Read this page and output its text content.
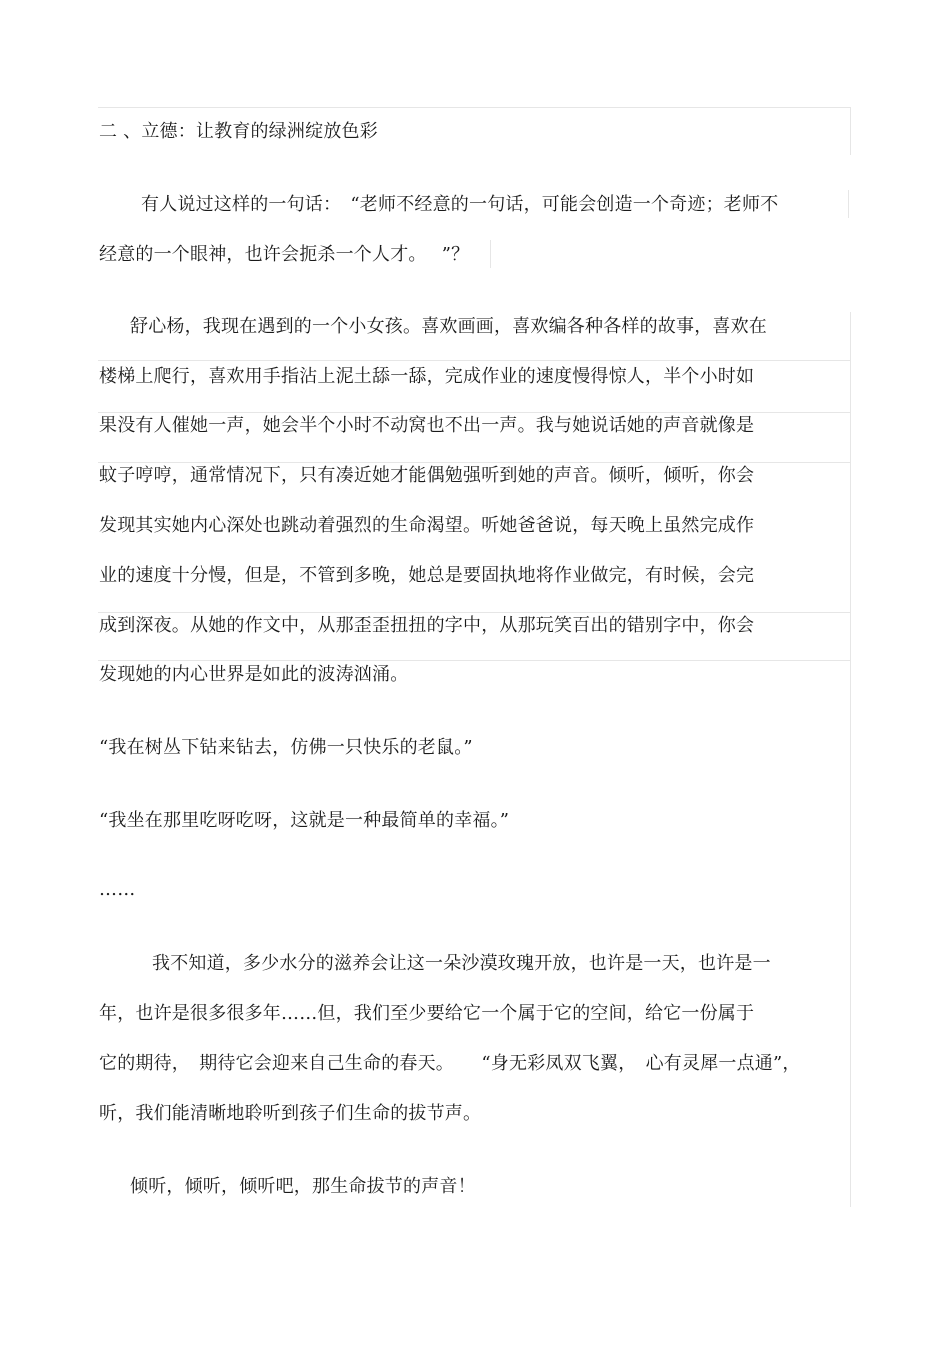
二 、立德：让教育的绿洲绽放色彩
有人说过这样的一句话：　“老师不经意的一句话，可能会创造一个奇迹；老师不
经意的一个眼神，也许会扼杀一个人才。　 ”？
舒心杨，我现在遇到的一个小女孩。喜欢画画，喜欢编各种各样的故事，喜欢在
楼梯上爬行，喜欢用手指沾上泥土舔一舔，完成作业的速度慢得惊人，半个小时如
果没有人催她一声，她会半个小时不动窝也不出一声。我与她说话她的声音就像是
蚊子哼哼，通常情况下，只有凑近她才能偶勉强听到她的声音。倾听，倾听，你会
发现其实她内心深处也跳动着强烈的生命渴望。听她爸爸说，每天晚上虽然完成作
业的速度十分慢，但是，不管到多晚，她总是要固执地将作业做完，有时候，会完
成到深夜。从她的作文中，从那歪歪扭扭的字中，从那玩笑百出的错别字中，你会
发现她的内心世界是如此的波涛汹涌。
“我在树丛下钻来钻去，仿佛一只快乐的老鼠。”
“我坐在那里吃呀吃呀，这就是一种最简单的幸福。”
……
我不知道，多少水分的滋养会让这一朵沙漠玫瑰开放，也许是一天，也许是一
年，也许是很多很多年……但，我们至少要给它一个属于它的空间，给它一份属于
它的期待，　期待它会迎来自己生命的春天。　　“身无彩凤双飞翼，　心有灵犀一点通”，
听，我们能清晰地聆听到孩子们生命的拔节声。
倾听，倾听，倾听吧，那生命拔节的声音！
